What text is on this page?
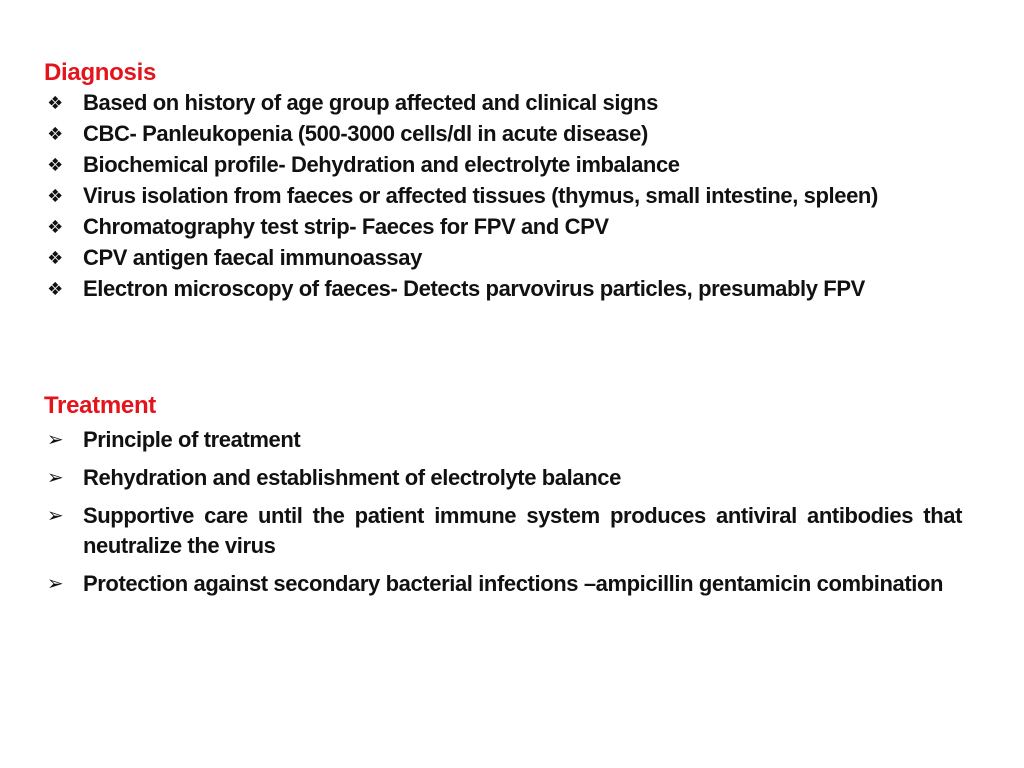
Diagnosis
❖ Based on history of age group affected and clinical signs
❖ CBC- Panleukopenia (500-3000 cells/dl in acute disease)
❖ Biochemical profile- Dehydration and electrolyte imbalance
❖ Virus isolation from faeces or affected tissues (thymus, small intestine, spleen)
❖ Chromatography test strip- Faeces for FPV and CPV
❖ CPV antigen faecal immunoassay
❖ Electron microscopy of faeces- Detects parvovirus particles, presumably FPV
Treatment
➢ Principle of treatment
➢ Rehydration and establishment of electrolyte balance
➢ Supportive care until the patient immune system produces antiviral antibodies that neutralize the virus
➢ Protection against secondary bacterial infections –ampicillin gentamicin combination
